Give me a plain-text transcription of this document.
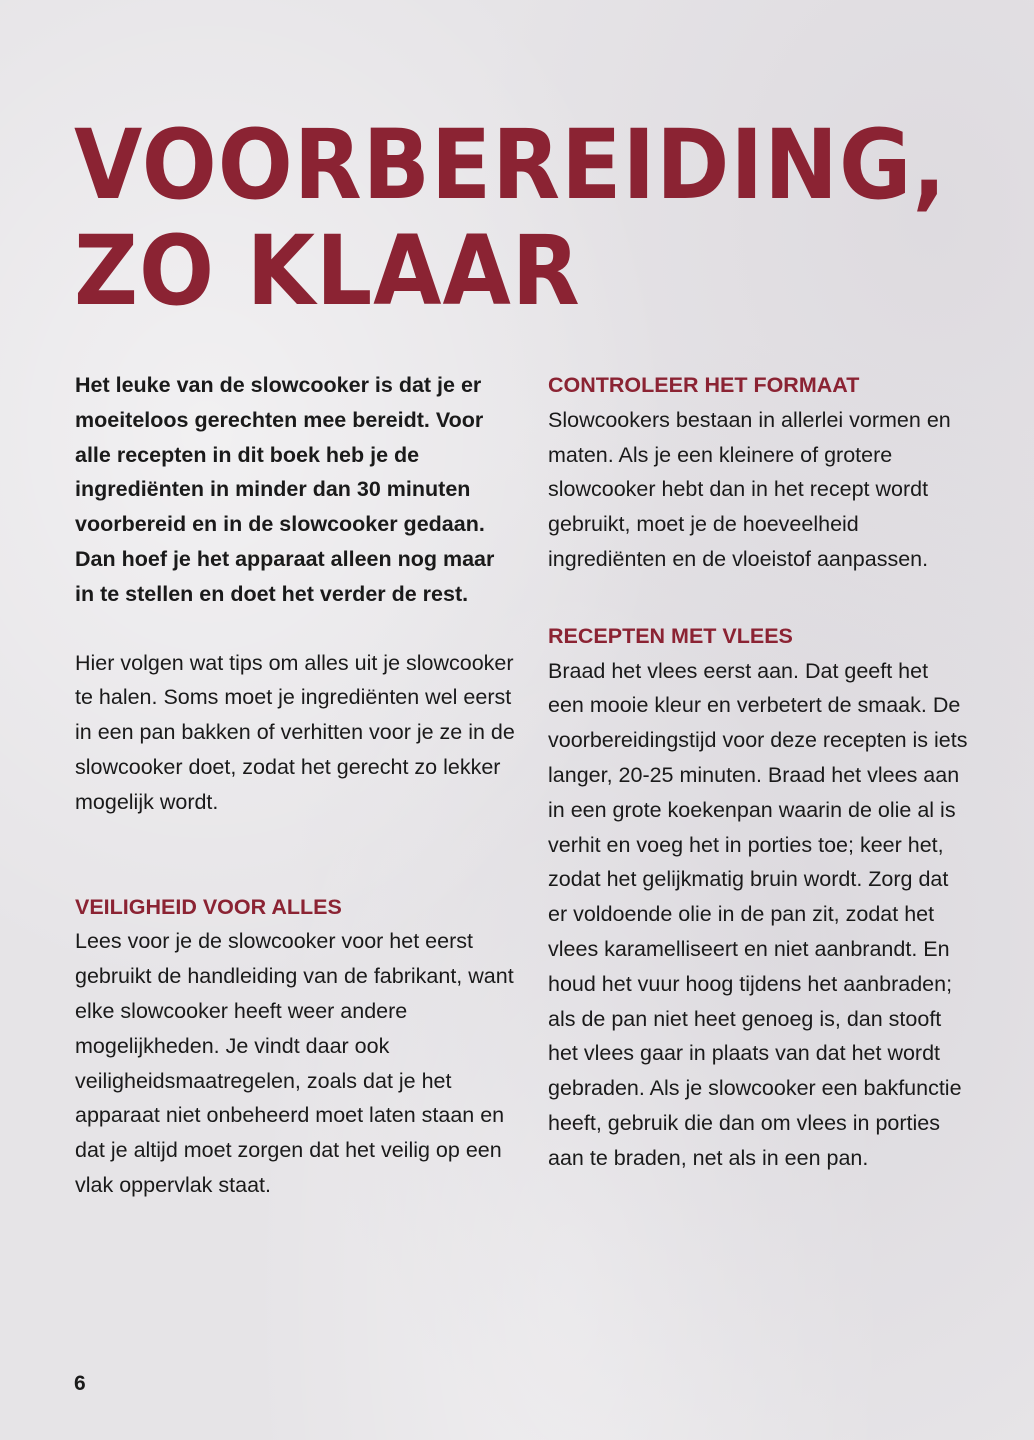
VOORBEREIDING,
ZO KLAAR

Het leuke van de slowcooker is dat je er moeiteloos gerechten mee bereidt. Voor alle recepten in dit boek heb je de ingrediënten in minder dan 30 minuten voorbereid en in de slowcooker gedaan. Dan hoef je het apparaat alleen nog maar in te stellen en doet het verder de rest.

Hier volgen wat tips om alles uit je slowcooker te halen. Soms moet je ingrediënten wel eerst in een pan bakken of verhitten voor je ze in de slowcooker doet, zodat het gerecht zo lekker mogelijk wordt.

VEILIGHEID VOOR ALLES

Lees voor je de slowcooker voor het eerst gebruikt de handleiding van de fabrikant, want elke slowcooker heeft weer andere mogelijkheden. Je vindt daar ook veiligheidsmaatregelen, zoals dat je het apparaat niet onbeheerd moet laten staan en dat je altijd moet zorgen dat het veilig op een vlak oppervlak staat.

CONTROLEER HET FORMAAT

Slowcookers bestaan in allerlei vormen en maten. Als je een kleinere of grotere slowcooker hebt dan in het recept wordt gebruikt, moet je de hoeveelheid ingrediënten en de vloeistof aanpassen.

RECEPTEN MET VLEES

Braad het vlees eerst aan. Dat geeft het een mooie kleur en verbetert de smaak. De voorbereidingstijd voor deze recepten is iets langer, 20-25 minuten. Braad het vlees aan in een grote koekenpan waarin de olie al is verhit en voeg het in porties toe; keer het, zodat het gelijkmatig bruin wordt. Zorg dat er voldoende olie in de pan zit, zodat het vlees karamelliseert en niet aanbrandt. En houd het vuur hoog tijdens het aanbraden; als de pan niet heet genoeg is, dan stooft het vlees gaar in plaats van dat het wordt gebraden. Als je slowcooker een bakfunctie heeft, gebruik die dan om vlees in porties aan te braden, net als in een pan.

6
